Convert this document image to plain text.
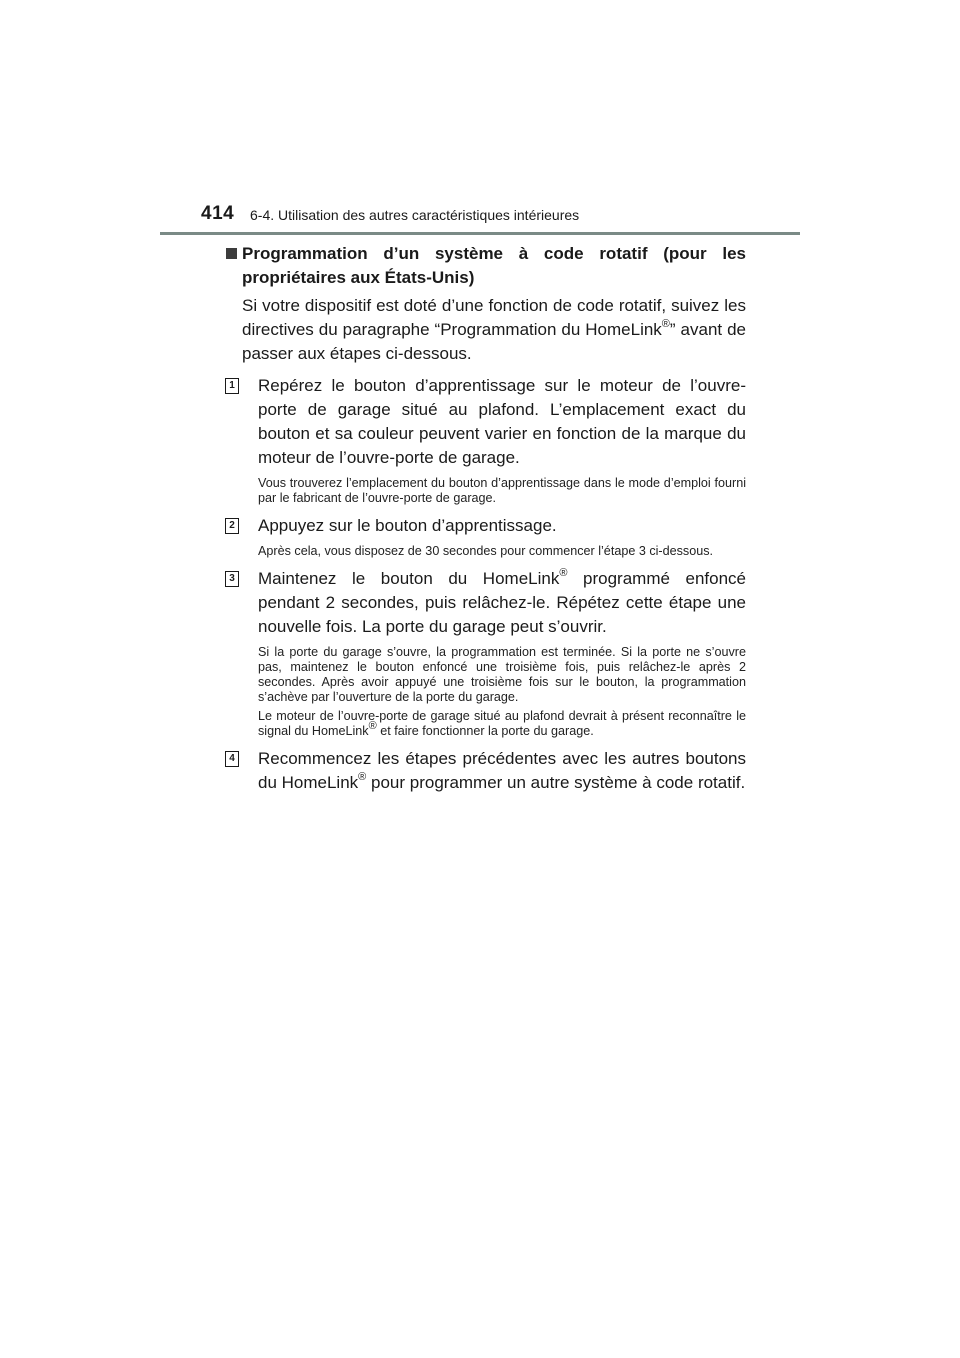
414 6-4. Utilisation des autres caractéristiques intérieures
Programmation d’un système à code rotatif (pour les propriétaires aux États-Unis)
Si votre dispositif est doté d’une fonction de code rotatif, suivez les directives du paragraphe “Programmation du HomeLink®” avant de passer aux étapes ci-dessous.
1 Repérez le bouton d’apprentissage sur le moteur de l’ouvre-porte de garage situé au plafond. L’emplacement exact du bouton et sa couleur peuvent varier en fonction de la marque du moteur de l’ouvre-porte de garage.
Vous trouverez l’emplacement du bouton d’apprentissage dans le mode d’emploi fourni par le fabricant de l’ouvre-porte de garage.
2 Appuyez sur le bouton d’apprentissage.
Après cela, vous disposez de 30 secondes pour commencer l’étape 3 ci-dessous.
3 Maintenez le bouton du HomeLink® programmé enfoncé pendant 2 secondes, puis relâchez-le. Répétez cette étape une nouvelle fois. La porte du garage peut s’ouvrir.
Si la porte du garage s’ouvre, la programmation est terminée. Si la porte ne s’ouvre pas, maintenez le bouton enfoncé une troisième fois, puis relâchez-le après 2 secondes. Après avoir appuyé une troisième fois sur le bouton, la programmation s’achève par l’ouverture de la porte du garage.
Le moteur de l’ouvre-porte de garage situé au plafond devrait à présent reconnaître le signal du HomeLink® et faire fonctionner la porte du garage.
4 Recommencez les étapes précédentes avec les autres boutons du HomeLink® pour programmer un autre système à code rotatif.
